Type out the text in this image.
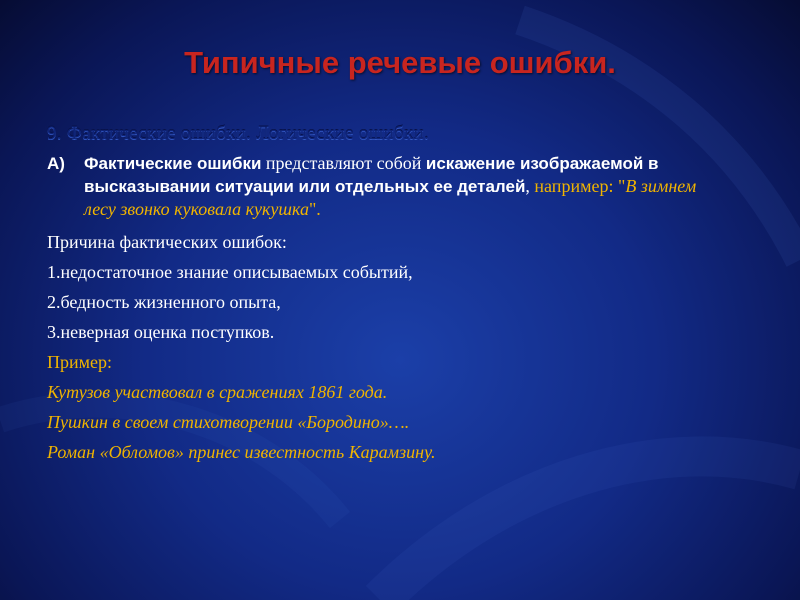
Типичные речевые ошибки.

9. Фактические ошибки. Логические ошибки.

А)	Фактические ошибки представляют собой искажение изображаемой в высказывании ситуации или отдельных ее деталей, например: "В зимнем лесу звонко куковала кукушка".

Причина фактических ошибок:

1.недостаточное знание описываемых событий,

2.бедность жизненного опыта,

3.неверная оценка поступков.

Пример:

Кутузов участвовал в сражениях 1861 года.

Пушкин в своем стихотворении «Бородино»….

Роман «Обломов» принес известность Карамзину.
